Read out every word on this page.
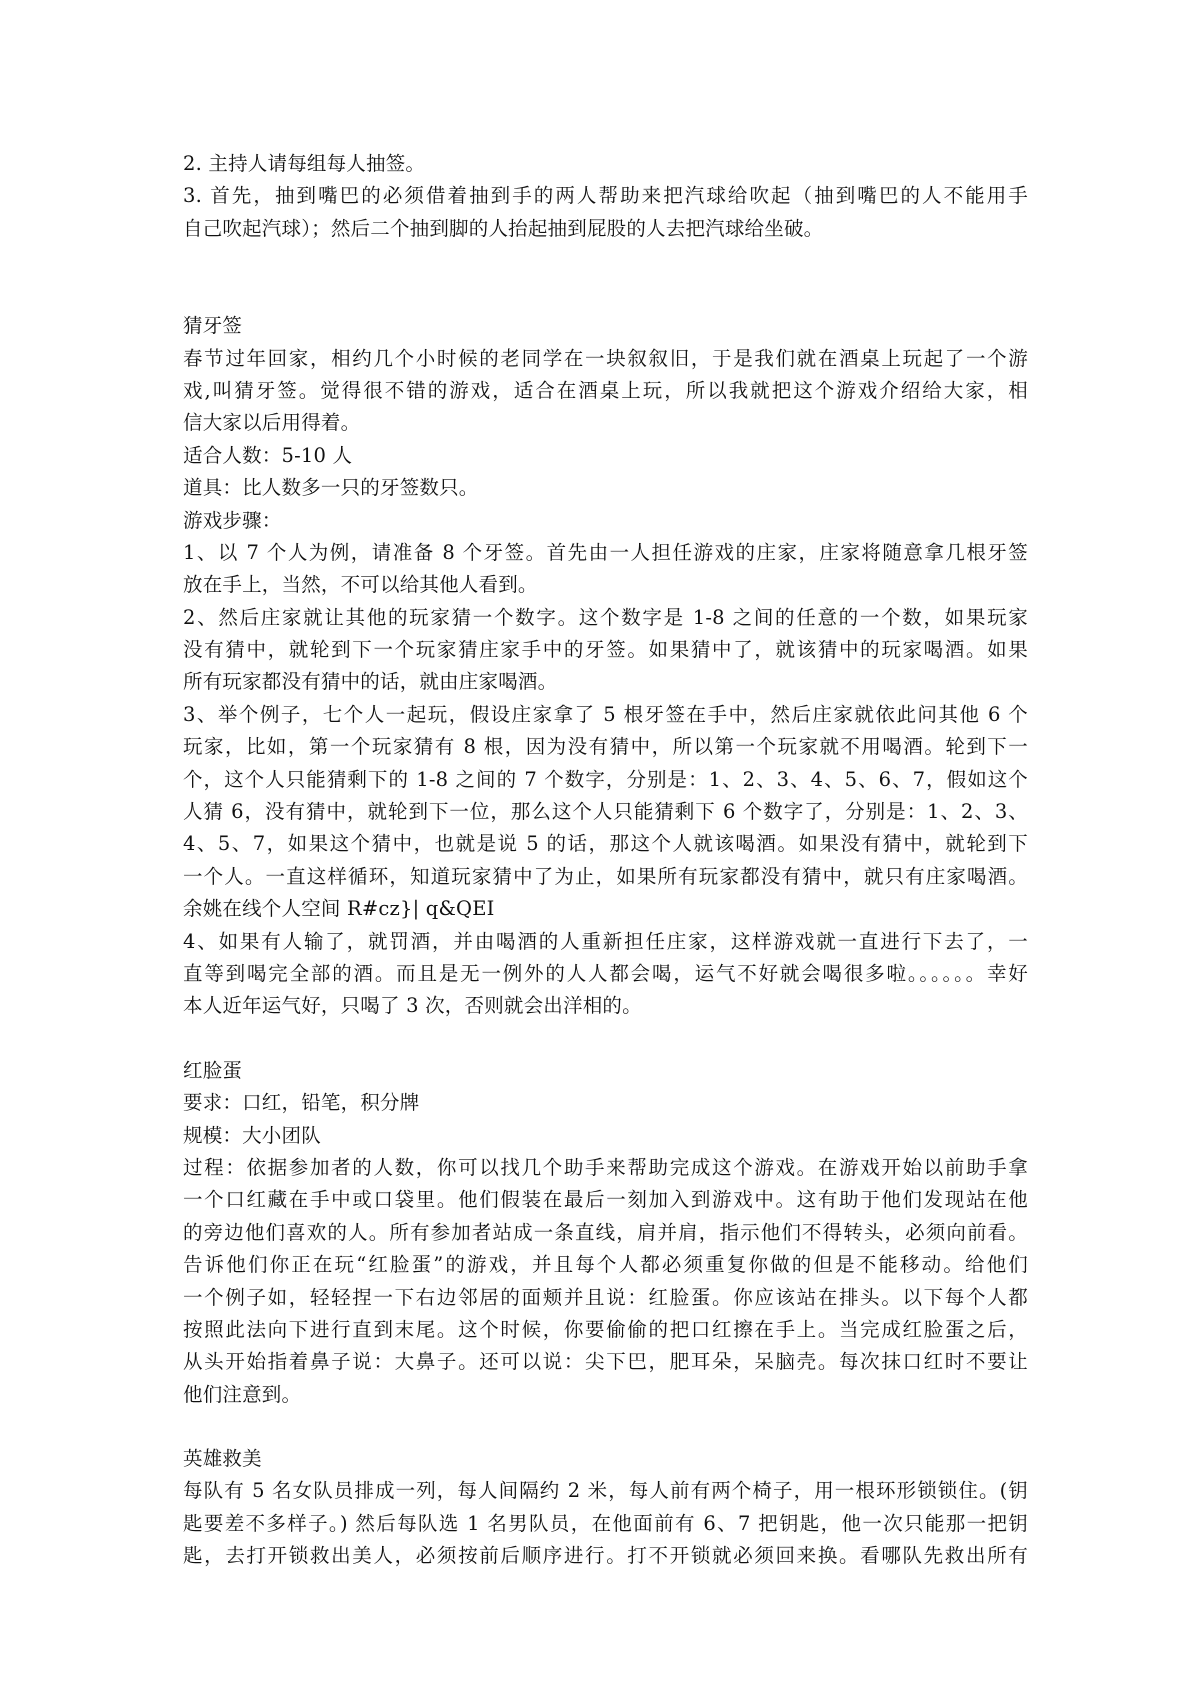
2. 主持人请每组每人抽签。
3. 首先，抽到嘴巴的必须借着抽到手的两人帮助来把汽球给吹起（抽到嘴巴的人不能用手
自己吹起汽球）；然后二个抽到脚的人抬起抽到屁股的人去把汽球给坐破。
猜牙签
春节过年回家，相约几个小时候的老同学在一块叙叙旧，于是我们就在酒桌上玩起了一个游
戏,叫猜牙签。觉得很不错的游戏，适合在酒桌上玩，所以我就把这个游戏介绍给大家，相
信大家以后用得着。
适合人数：5-10 人
道具：比人数多一只的牙签数只。
游戏步骤：
1、以 7 个人为例，请准备 8 个牙签。首先由一人担任游戏的庄家，庄家将随意拿几根牙签
放在手上，当然，不可以给其他人看到。
2、然后庄家就让其他的玩家猜一个数字。这个数字是 1-8 之间的任意的一个数，如果玩家
没有猜中，就轮到下一个玩家猜庄家手中的牙签。如果猜中了，就该猜中的玩家喝酒。如果
所有玩家都没有猜中的话，就由庄家喝酒。
3、举个例子，七个人一起玩，假设庄家拿了 5 根牙签在手中，然后庄家就依此问其他 6 个
玩家，比如，第一个玩家猜有 8 根，因为没有猜中，所以第一个玩家就不用喝酒。轮到下一
个，这个人只能猜剩下的 1-8 之间的 7 个数字，分别是：1、2、3、4、5、6、7，假如这个
人猜 6，没有猜中，就轮到下一位，那么这个人只能猜剩下 6 个数字了，分别是：1、2、3、
4、5、7，如果这个猜中，也就是说 5 的话，那这个人就该喝酒。如果没有猜中，就轮到下
一个人。一直这样循环，知道玩家猜中了为止，如果所有玩家都没有猜中，就只有庄家喝酒。
余姚在线个人空间 R#cz}| q&QEI
4、如果有人输了，就罚酒，并由喝酒的人重新担任庄家，这样游戏就一直进行下去了，一
直等到喝完全部的酒。而且是无一例外的人人都会喝，运气不好就会喝很多啦。。。。。。幸好
本人近年运气好，只喝了 3 次，否则就会出洋相的。
红脸蛋
要求：口红，铅笔，积分牌
规模：大小团队
过程：依据参加者的人数，你可以找几个助手来帮助完成这个游戏。在游戏开始以前助手拿
一个口红藏在手中或口袋里。他们假装在最后一刻加入到游戏中。这有助于他们发现站在他
的旁边他们喜欢的人。所有参加者站成一条直线，肩并肩，指示他们不得转头，必须向前看。
告诉他们你正在玩“红脸蛋”的游戏，并且每个人都必须重复你做的但是不能移动。给他们
一个例子如，轻轻捏一下右边邻居的面颊并且说：红脸蛋。你应该站在排头。以下每个人都
按照此法向下进行直到末尾。这个时候，你要偷偷的把口红擦在手上。当完成红脸蛋之后，
从头开始指着鼻子说：大鼻子。还可以说：尖下巴，肥耳朵，呆脑壳。每次抹口红时不要让
他们注意到。
英雄救美
每队有 5 名女队员排成一列，每人间隔约 2 米，每人前有两个椅子，用一根环形锁锁住。(钥
匙要差不多样子。) 然后每队选 1 名男队员，在他面前有 6、7 把钥匙，他一次只能那一把钥
匙，去打开锁救出美人，必须按前后顺序进行。打不开锁就必须回来换。看哪队先救出所有
